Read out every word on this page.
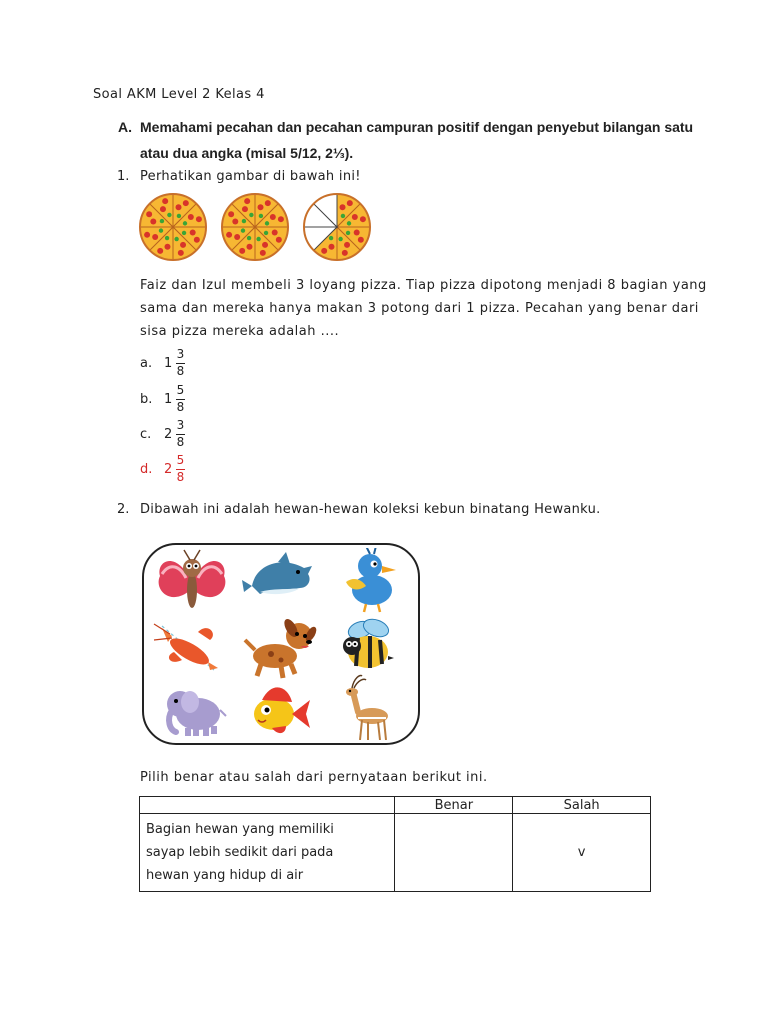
Soal AKM Level 2 Kelas 4
A. Memahami pecahan dan pecahan campuran positif dengan penyebut bilangan satu
atau dua angka (misal 5/12, 2⅓).
1. Perhatikan gambar di bawah ini!
Faiz dan Izul membeli 3 loyang pizza. Tiap pizza dipotong menjadi 8 bagian yang
sama dan mereka hanya makan 3 potong dari 1 pizza. Pecahan yang benar dari
sisa pizza mereka adalah ....
a. $1 \frac{3}{8}$
b. $1 \frac{5}{8}$
c. $2 \frac{3}{8}$
d. $2 \frac{5}{8}$
2. Dibawah ini adalah hewan-hewan koleksi kebun binatang Hewanku.
Pilih benar atau salah dari pernyataan berikut ini.
	Benar	Salah

Bagian hewan yang memiliki
sayap lebih sedikit dari pada
hewan yang hidup di air		v
